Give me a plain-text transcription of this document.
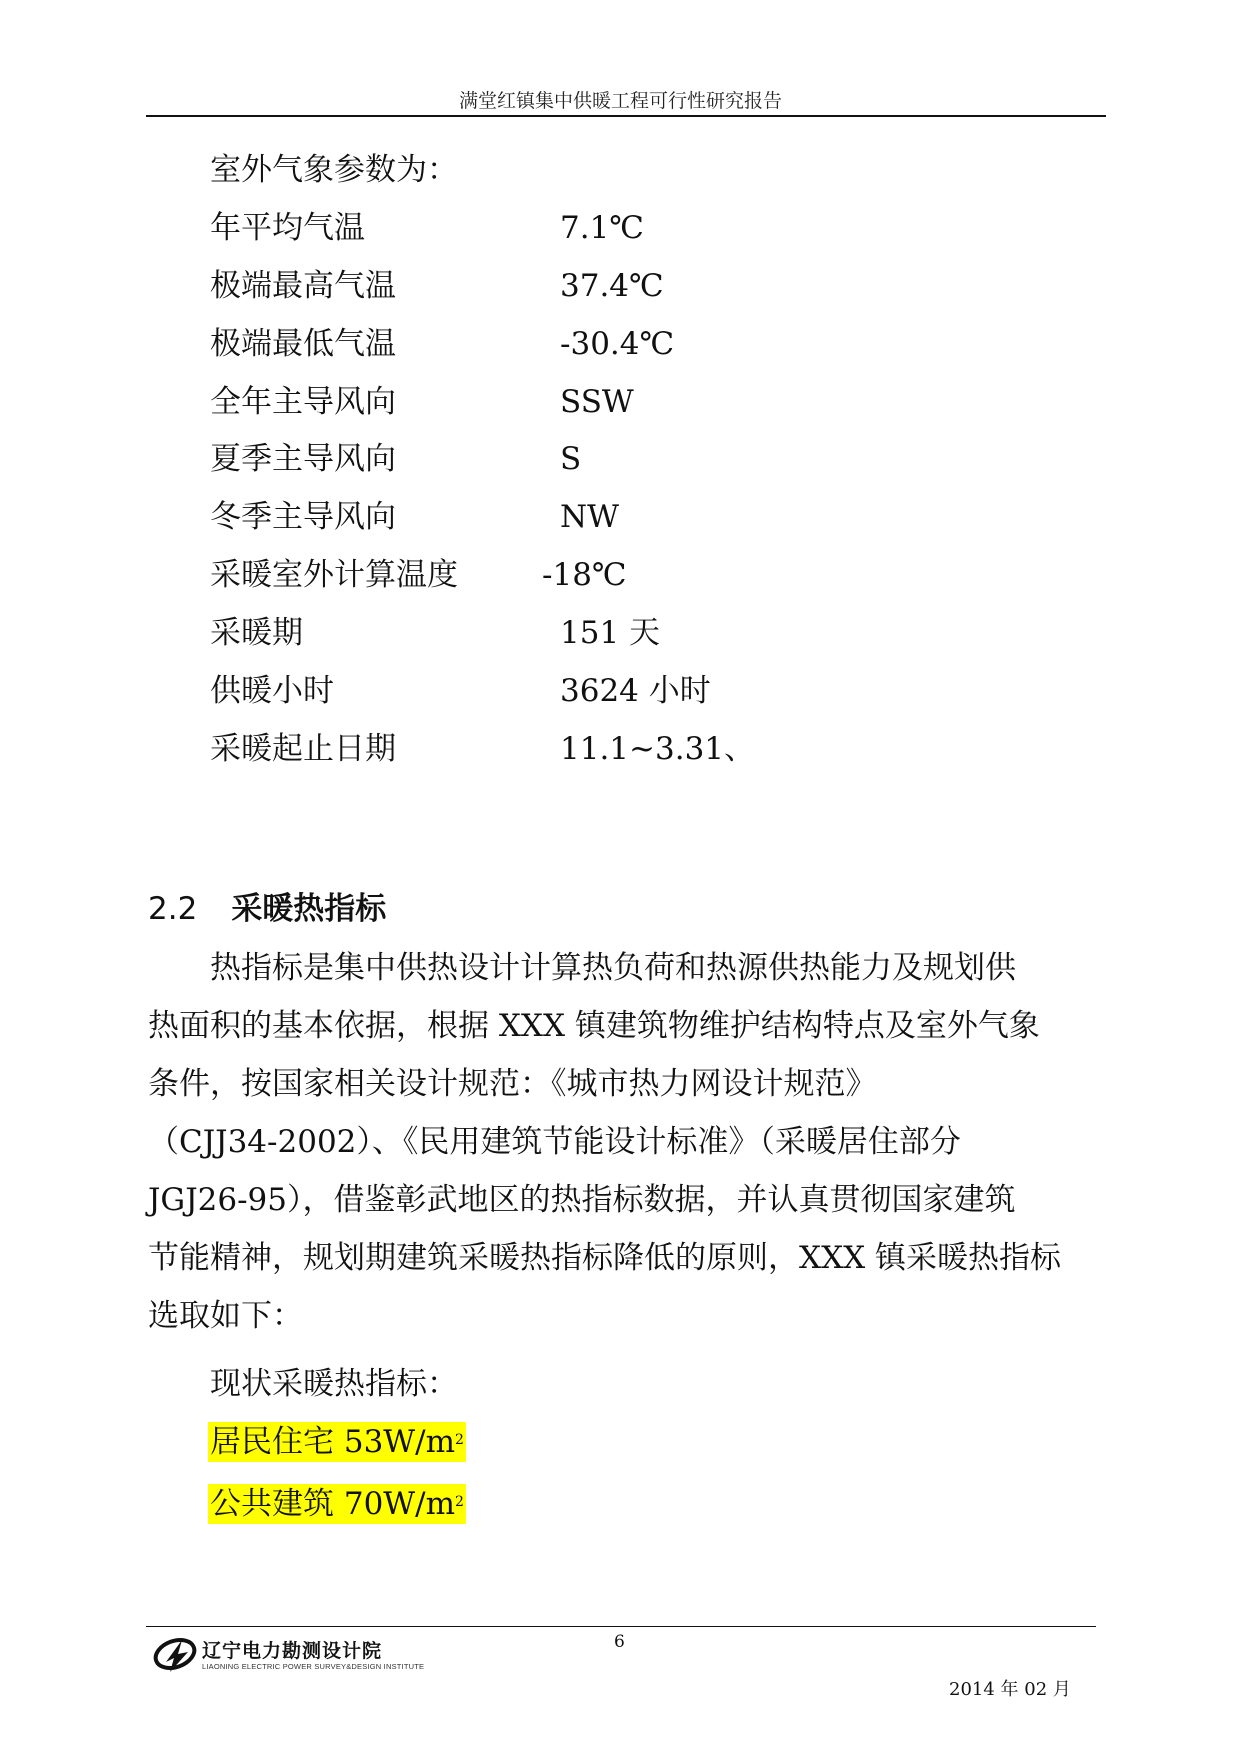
满堂红镇集中供暖工程可行性研究报告
室外气象参数为：
年平均气温	7.1℃
极端最高气温	37.4℃
极端最低气温	-30.4℃
全年主导风向	SSW
夏季主导风向	S
冬季主导风向	NW
采暖室外计算温度	-18℃
采暖期	151 天
供暖小时	3624 小时
采暖起止日期	11.1~3.31、
2.2 采暖热指标
热指标是集中供热设计计算热负荷和热源供热能力及规划供
热面积的基本依据，根据 XXX 镇建筑物维护结构特点及室外气象
条件，按国家相关设计规范：《城市热力网设计规范》
（CJJ34-2002）、《民用建筑节能设计标准》（采暖居住部分
JGJ26-95），借鉴彰武地区的热指标数据，并认真贯彻国家建筑
节能精神，规划期建筑采暖热指标降低的原则，XXX 镇采暖热指标
选取如下：
现状采暖热指标：
居民住宅 $53W/m^2$
公共建筑 $70W/m^2$
辽宁电力勘测设计院
LIAONING ELECTRIC POWER SURVEY&DESIGN INSTITUTE
6
2014 年 02 月
